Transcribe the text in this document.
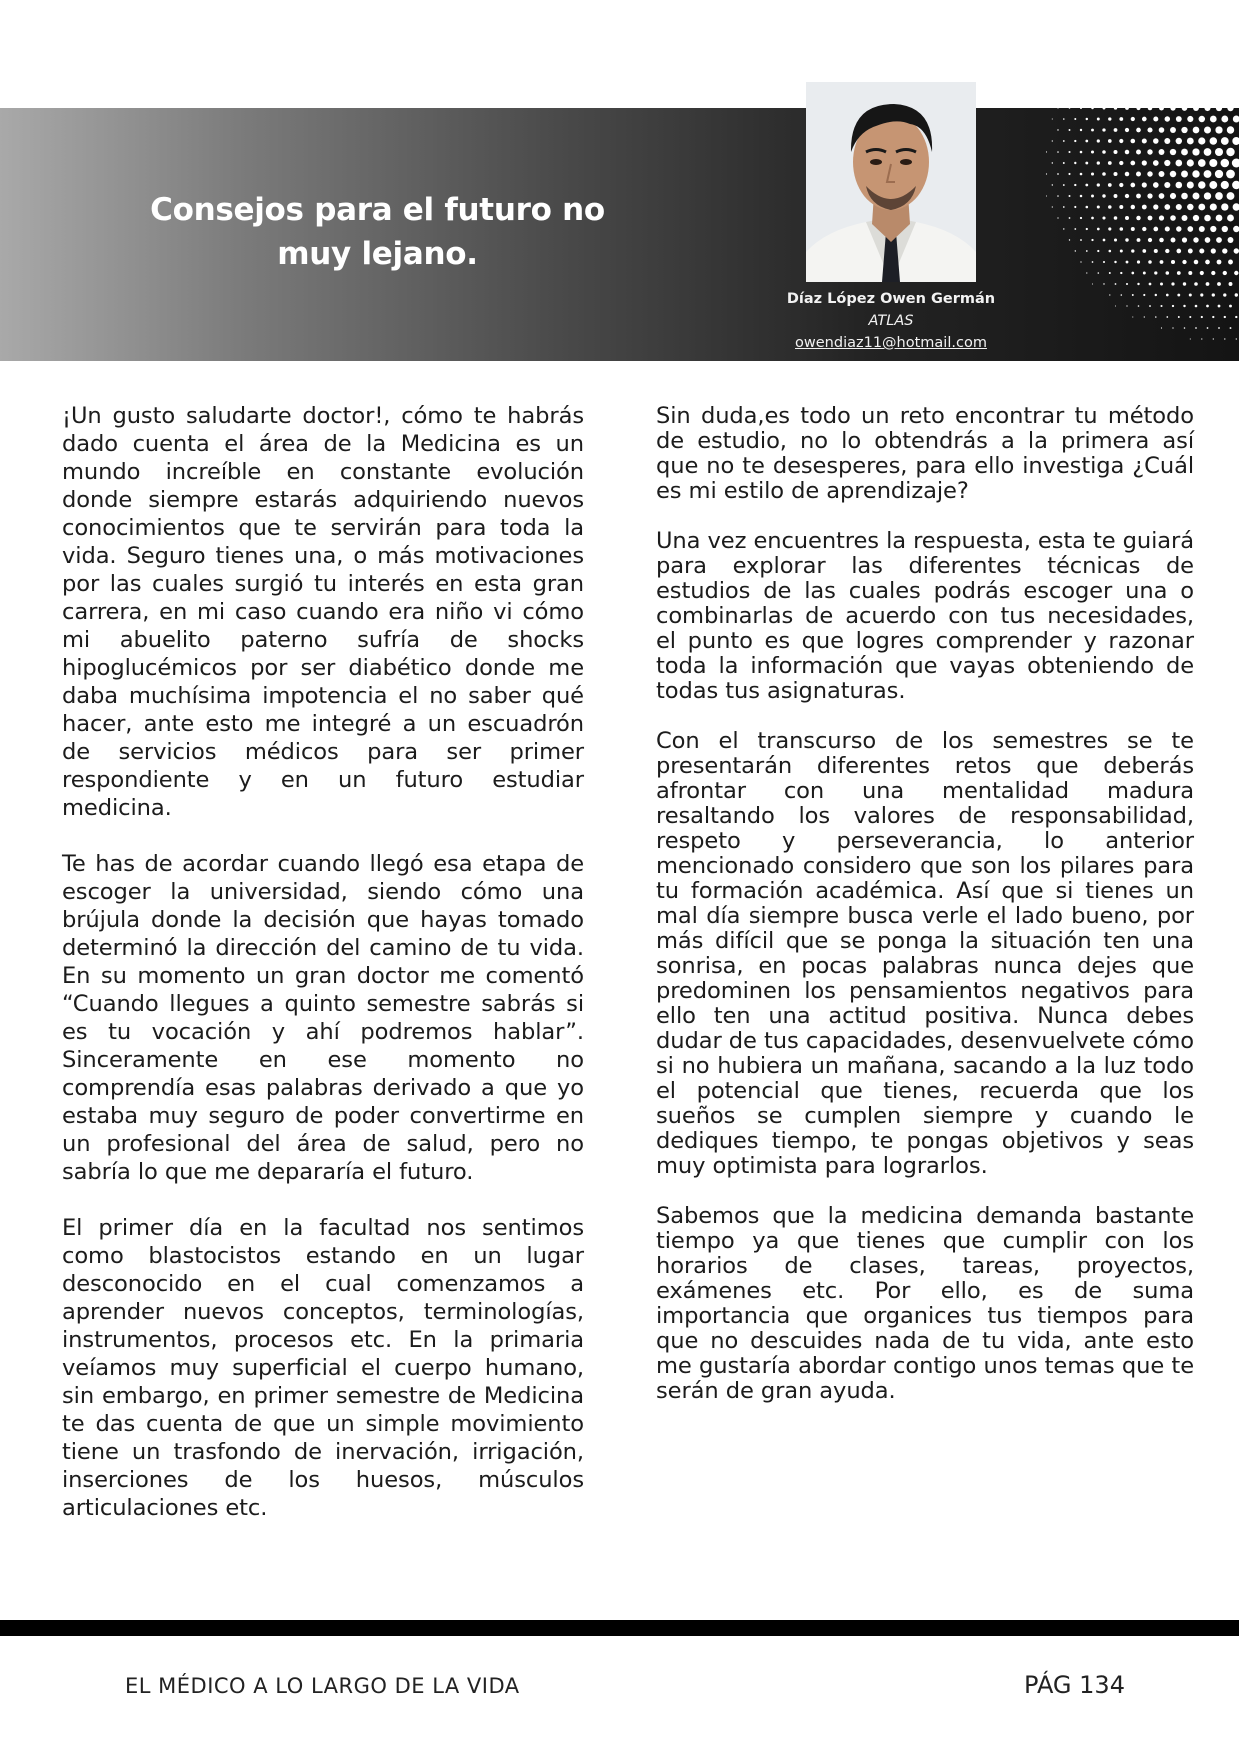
Consejos para el futuro no muy lejano.
Díaz López Owen Germán
ATLAS
owendiaz11@hotmail.com

¡Un gusto saludarte doctor!, cómo te habrás dado cuenta el área de la Medicina es un mundo increíble en constante evolución donde siempre estarás adquiriendo nuevos conocimientos que te servirán para toda la vida. Seguro tienes una, o más motivaciones por las cuales surgió tu interés en esta gran carrera, en mi caso cuando era niño vi cómo mi abuelito paterno sufría de shocks hipoglucémicos por ser diabético donde me daba muchísima impotencia el no saber qué hacer, ante esto me integré a un escuadrón de servicios médicos para ser primer respondiente y en un futuro estudiar medicina.

Te has de acordar cuando llegó esa etapa de escoger la universidad, siendo cómo una brújula donde la decisión que hayas tomado determinó la dirección del camino de tu vida. En su momento un gran doctor me comentó “Cuando llegues a quinto semestre sabrás si es tu vocación y ahí podremos hablar”. Sinceramente en ese momento no comprendía esas palabras derivado a que yo estaba muy seguro de poder convertirme en un profesional del área de salud, pero no sabría lo que me depararía el futuro.

El primer día en la facultad nos sentimos como blastocistos estando en un lugar desconocido en el cual comenzamos a aprender nuevos conceptos, terminologías, instrumentos, procesos etc. En la primaria veíamos muy superficial el cuerpo humano, sin embargo, en primer semestre de Medicina te das cuenta de que un simple movimiento tiene un trasfondo de inervación, irrigación, inserciones de los huesos, músculos articulaciones etc.

Sin duda,es todo un reto encontrar tu método de estudio, no lo obtendrás a la primera así que no te desesperes, para ello investiga ¿Cuál es mi estilo de aprendizaje?

Una vez encuentres la respuesta, esta te guiará para explorar las diferentes técnicas de estudios de las cuales podrás escoger una o combinarlas de acuerdo con tus necesidades, el punto es que logres comprender y razonar toda la información que vayas obteniendo de todas tus asignaturas.

Con el transcurso de los semestres se te presentarán diferentes retos que deberás afrontar con una mentalidad madura resaltando los valores de responsabilidad, respeto y perseverancia, lo anterior mencionado considero que son los pilares para tu formación académica. Así que si tienes un mal día siempre busca verle el lado bueno, por más difícil que se ponga la situación ten una sonrisa, en pocas palabras nunca dejes que predominen los pensamientos negativos para ello ten una actitud positiva. Nunca debes dudar de tus capacidades, desenvuelvete cómo si no hubiera un mañana, sacando a la luz todo el potencial que tienes, recuerda que los sueños se cumplen siempre y cuando le dediques tiempo, te pongas objetivos y seas muy optimista para lograrlos.

Sabemos que la medicina demanda bastante tiempo ya que tienes que cumplir con los horarios de clases, tareas, proyectos, exámenes etc. Por ello, es de suma importancia que organices tus tiempos para que no descuides nada de tu vida, ante esto me gustaría abordar contigo unos temas que te serán de gran ayuda.

EL MÉDICO A LO LARGO DE LA VIDA	PÁG 134
